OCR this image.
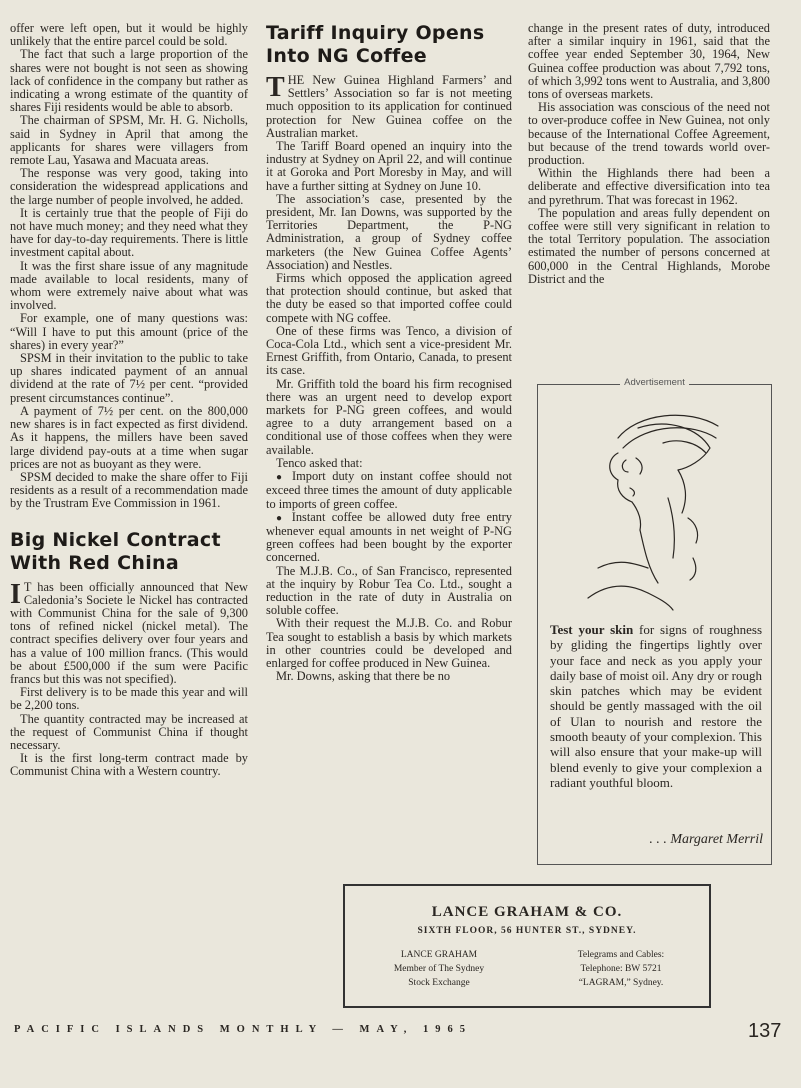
offer were left open, but it would be highly unlikely that the entire parcel could be sold.

The fact that such a large proportion of the shares were not bought is not seen as showing lack of confidence in the company but rather as indicating a wrong estimate of the quantity of shares Fiji residents would be able to absorb.

The chairman of SPSM, Mr. H. G. Nicholls, said in Sydney in April that among the applicants for shares were villagers from remote Lau, Yasawa and Macuata areas.

The response was very good, taking into consideration the widespread applications and the large number of people involved, he added.

It is certainly true that the people of Fiji do not have much money; and they need what they have for day-to-day requirements. There is little investment capital about.

It was the first share issue of any magnitude made available to local residents, many of whom were extremely naive about what was involved.

For example, one of many questions was: “Will I have to put this amount (price of the shares) in every year?”

SPSM in their invitation to the public to take up shares indicated payment of an annual dividend at the rate of 7½ per cent. “provided present circumstances continue”.

A payment of 7½ per cent. on the 800,000 new shares is in fact expected as first dividend. As it happens, the millers have been saved large dividend pay-outs at a time when sugar prices are not as buoyant as they were.

SPSM decided to make the share offer to Fiji residents as a result of a recommendation made by the Trustram Eve Commission in 1961.

Big Nickel Contract With Red China

I T has been officially announced that New Caledonia’s Societe le Nickel has contracted with Communist China for the sale of 9,300 tons of refined nickel (nickel metal). The contract specifies delivery over four years and has a value of 100 million francs. (This would be about £500,000 if the sum were Pacific francs but this was not specified).

First delivery is to be made this year and will be 2,200 tons.

The quantity contracted may be increased at the request of Communist China if thought necessary.

It is the first long-term contract made by Communist China with a Western country.

Tariff Inquiry Opens Into NG Coffee

THE New Guinea Highland Farmers’ and Settlers’ Association so far is not meeting much opposition to its application for continued protection for New Guinea coffee on the Australian market.

The Tariff Board opened an inquiry into the industry at Sydney on April 22, and will continue it at Goroka and Port Moresby in May, and will have a further sitting at Sydney on June 10.

The association’s case, presented by the president, Mr. Ian Downs, was supported by the Territories Department, the P-NG Administration, a group of Sydney coffee marketers (the New Guinea Coffee Agents’ Association) and Nestles.

Firms which opposed the application agreed that protection should continue, but asked that the duty be eased so that imported coffee could compete with NG coffee.

One of these firms was Tenco, a division of Coca-Cola Ltd., which sent a vice-president Mr. Ernest Griffith, from Ontario, Canada, to present its case.

Mr. Griffith told the board his firm recognised there was an urgent need to develop export markets for P-NG green coffees, and would agree to a duty arrangement based on a conditional use of those coffees when they were available.

Tenco asked that:

● Import duty on instant coffee should not exceed three times the amount of duty applicable to imports of green coffee.

● Instant coffee be allowed duty free entry whenever equal amounts in net weight of P-NG green coffees had been bought by the exporter concerned.

The M.J.B. Co., of San Francisco, represented at the inquiry by Robur Tea Co. Ltd., sought a reduction in the rate of duty in Australia on soluble coffee.

With their request the M.J.B. Co. and Robur Tea sought to establish a basis by which markets in other countries could be developed and enlarged for coffee produced in New Guinea.

Mr. Downs, asking that there be no

change in the present rates of duty, introduced after a similar inquiry in 1961, said that the coffee year ended September 30, 1964, New Guinea coffee production was about 7,792 tons, of which 3,992 tons went to Australia, and 3,800 tons of overseas markets.

His association was conscious of the need not to over-produce coffee in New Guinea, not only because of the International Coffee Agreement, but because of the trend towards world over-production.

Within the Highlands there had been a deliberate and effective diversification into tea and pyrethrum. That was forecast in 1962.

The population and areas fully dependent on coffee were still very significant in relation to the total Territory population. The association estimated the number of persons concerned at 600,000 in the Central Highlands, Morobe District and the

Advertisement
Test your skin for signs of roughness by gliding the fingertips lightly over your face and neck as you apply your daily base of moist oil. Any dry or rough skin patches which may be evident should be gently massaged with the oil of Ulan to nourish and restore the smooth beauty of your complexion. This will also ensure that your make-up will blend evenly to give your complexion a radiant youthful bloom.
. . . Margaret Merril
LANCE GRAHAM & CO.
SIXTH FLOOR, 56 HUNTER ST., SYDNEY.
LANCE GRAHAM
Member of The Sydney
Stock Exchange
Telegrams and Cables:
Telephone: BW 5721
“LAGRAM,” Sydney.
PACIFIC ISLANDS MONTHLY — MAY, 1965	137
